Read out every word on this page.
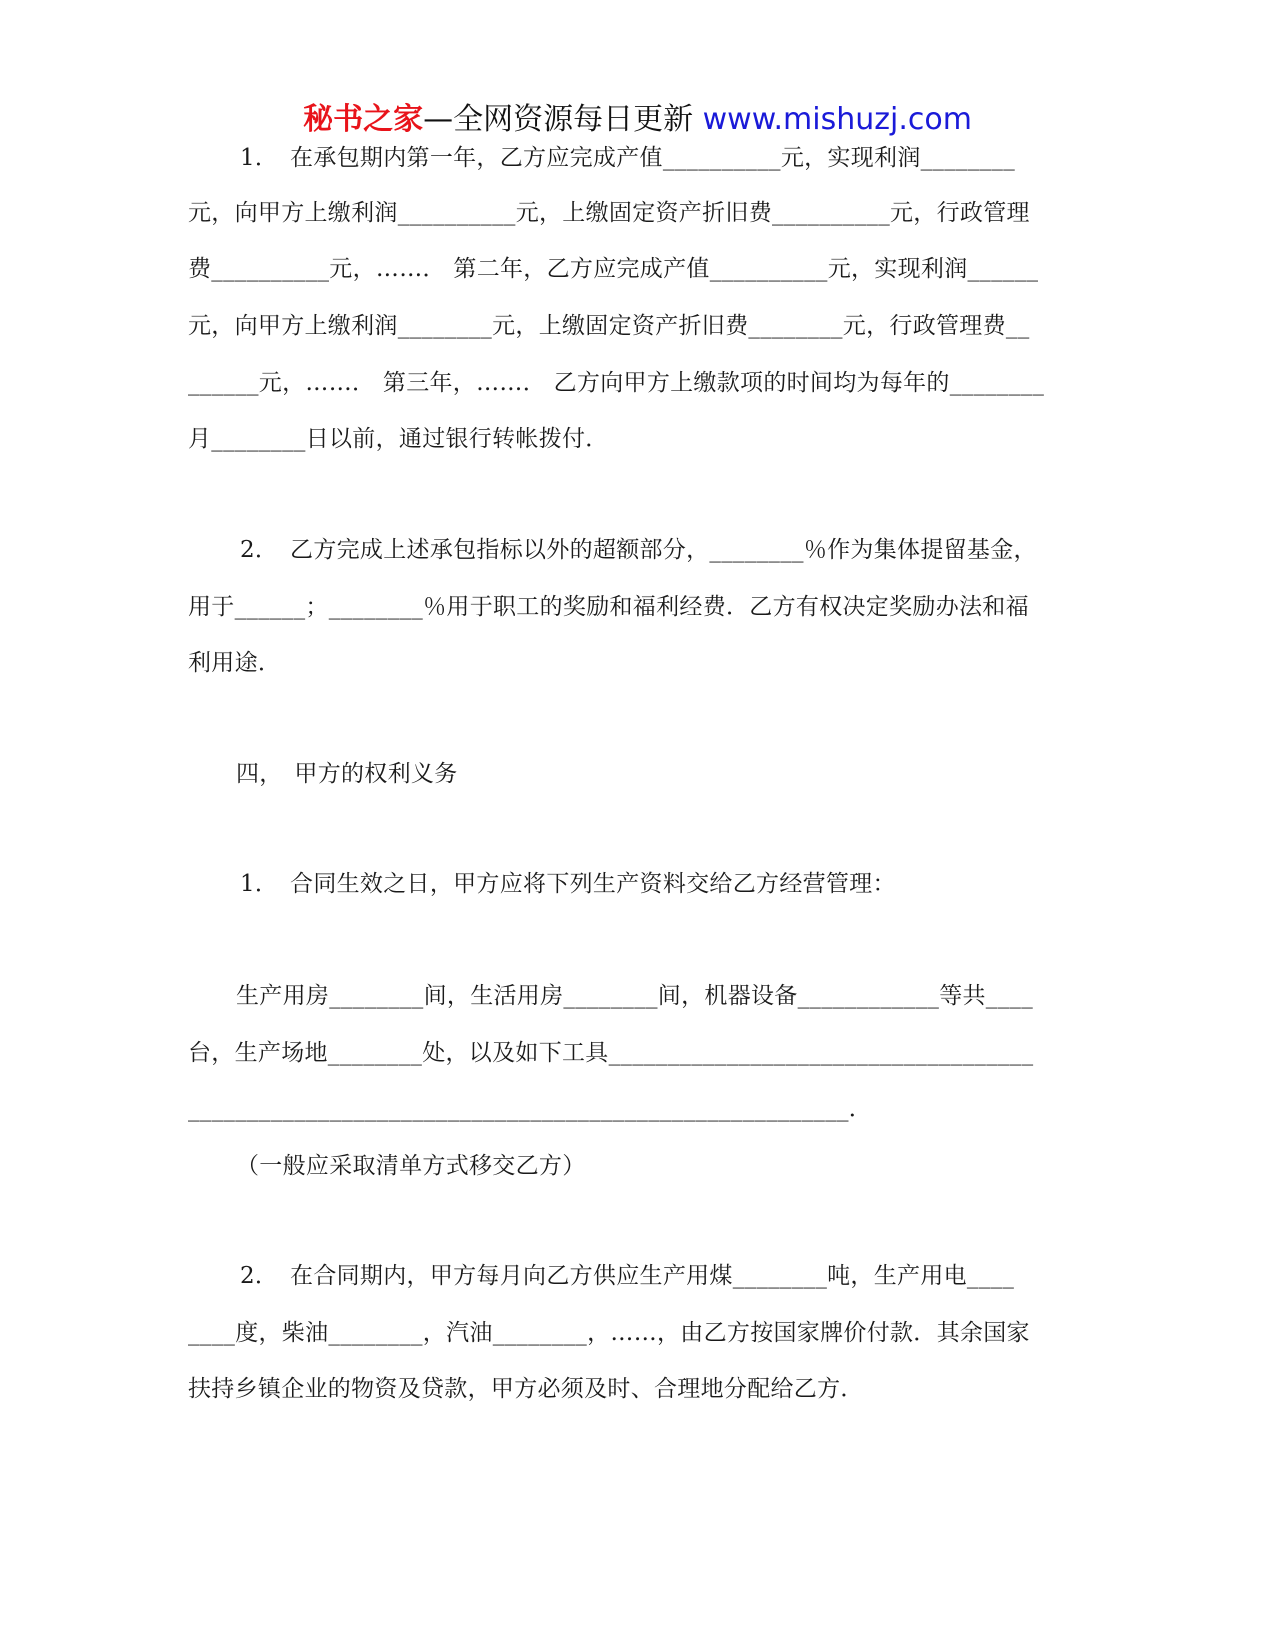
秘书之家—全网资源每日更新 www.mishuzj.com
1．　在承包期内第一年，乙方应完成产值__________元，实现利润________
元，向甲方上缴利润__________元，上缴固定资产折旧费__________元，行政管理
费__________元，……． 第二年，乙方应完成产值__________元，实现利润______
元，向甲方上缴利润________元，上缴固定资产折旧费________元，行政管理费__
______元，……． 第三年，……． 乙方向甲方上缴款项的时间均为每年的________
月________日以前，通过银行转帐拨付．
2．　乙方完成上述承包指标以外的超额部分，________％作为集体提留基金，
用于______；________％用于职工的奖励和福利经费．乙方有权决定奖励办法和福
利用途．
四，　甲方的权利义务
1．　合同生效之日，甲方应将下列生产资料交给乙方经营管理：
生产用房________间，生活用房________间，机器设备____________等共____
台，生产场地________处，以及如下工具____________________________________
________________________________________________________．
（一般应采取清单方式移交乙方）
2．　在合同期内，甲方每月向乙方供应生产用煤________吨，生产用电____
____度，柴油________，汽油________，……，由乙方按国家牌价付款．其余国家
扶持乡镇企业的物资及贷款，甲方必须及时、合理地分配给乙方．
